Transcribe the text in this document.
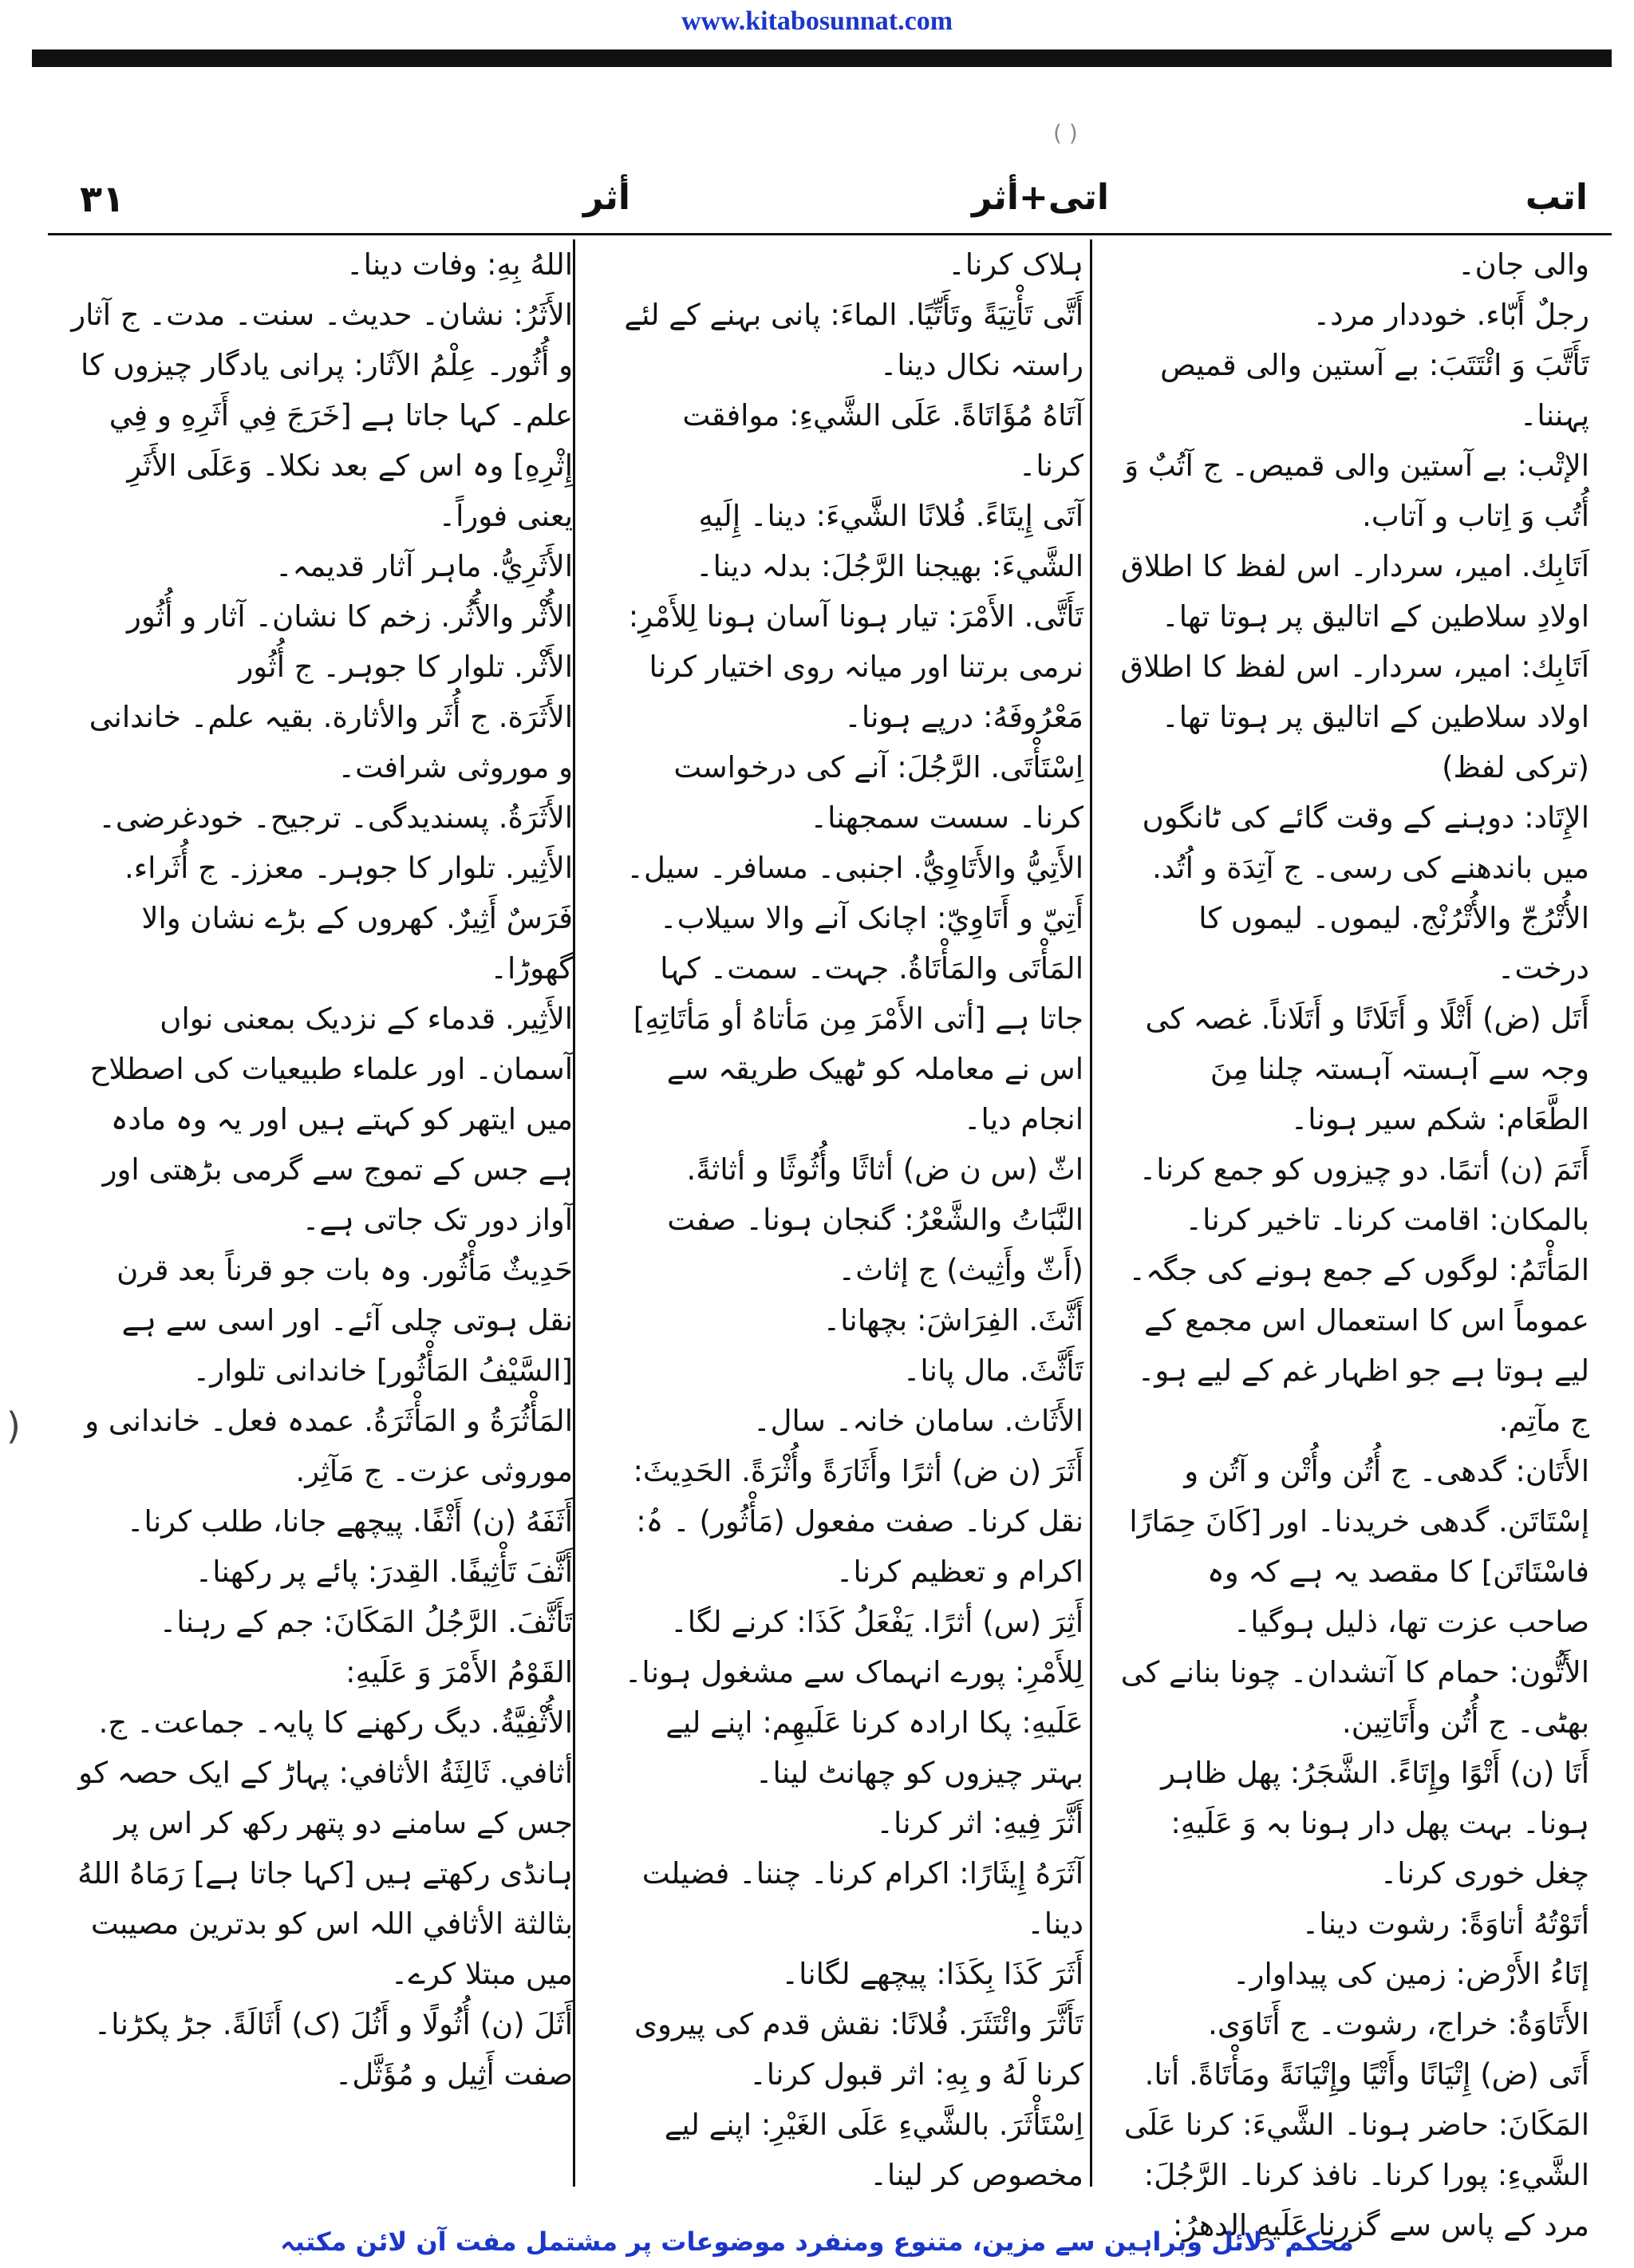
www.kitabosunnat.com
( )
اتب
اتی+أثر
أثر
۳۱

والی جان۔

رجلٌ أَبّاء. خوددار مرد۔

تَأَتَّبَ وَ ائْتَتَبَ: بے آستین والی قمیص پہننا۔

الإتْب: بے آستین والی قمیص۔ ج آتُبٌ وَ أُتُب وَ اِتاب و آتاب.

اَتَابِك. امیر، سردار۔ اس لفظ کا اطلاق اولادِ سلاطین کے اتالیق پر ہوتا تھا۔

اَتَابِك: امیر، سردار۔ اس لفظ کا اطلاق اولاد سلاطین کے اتالیق پر ہوتا تھا۔ (ترکی لفظ)

الإِتَاد: دوہنے کے وقت گائے کی ٹانگوں میں باندھنے کی رسی۔ ج آتِدَة و اُتُد.

الأُتْرُجّ والأُتْرُنْج. لیموں۔ لیموں کا درخت۔

أَتَل (ض) أَتْلًا و أَتَلَانًا و أَتَلَاناً. غصہ کی وجہ سے آہستہ آہستہ چلنا مِنَ الطَّعَام: شکم سیر ہونا۔

أَتَمَ (ن) أتمًا. دو چیزوں کو جمع کرنا۔ بالمكان: اقامت کرنا۔ تاخیر کرنا۔

المَأْتَمُ: لوگوں کے جمع ہونے کی جگہ۔ عموماً اس کا استعمال اس مجمع کے لیے ہوتا ہے جو اظہار غم کے لیے ہو۔ ج مآتِم.

الأَتَان: گدھی۔ ج أُتُن وأُتْن و آتُن و إسْتَاتَن. گدھی خریدنا۔ اور [كَانَ حِمَارًا فاسْتَاتَن] کا مقصد یہ ہے کہ وہ صاحب عزت تھا، ذلیل ہوگیا۔

الأَتُّون: حمام کا آتشدان۔ چونا بنانے کی بھٹی۔ ج أُتُن وأَتَاتِين.

أَتَا (ن) أَتْوًا وإِتَاءً. الشَّجَرُ: پھل ظاہر ہونا۔ بہت پھل دار ہونا بہ وَ عَلَيهِ: چغل خوری کرنا۔

أتَوْتُهُ أتاوَةً: رشوت دینا۔

إتَاءُ الأَرْض: زمین کی پیداوار۔

الأَتَاوَةُ: خراج، رشوت۔ ج أَتَاوَى.

أَتَى (ض) إِتْيَانًا وأَتْيًا وإِتْيَانَةً ومَأْتَاةً. أتا. المَكَانَ: حاضر ہونا۔ الشَّيءَ: کرنا عَلَى الشَّيءِ: پورا کرنا۔ نافذ کرنا۔ الرَّجُلَ: مرد کے پاس سے گزرنا عَلَيهِ الدهرُ:

ہلاک کرنا۔

أَتَّى تَأْتِيَةً وتَأَتِّيًا. الماءَ: پانی بہنے کے لئے راستہ نکال دینا۔

آتَاهُ مُؤَاتَاةً. عَلَى الشَّيءِ: موافقت کرنا۔

آتَى إِيتَاءً. فُلانًا الشَّيءَ: دینا۔ إِلَيهِ الشَّيءَ: بھیجنا الرَّجُلَ: بدلہ دینا۔

تَأَتَّى. الأَمْرَ: تیار ہونا آسان ہونا لِلأَمْرِ: نرمی برتنا اور میانہ روی اختیار کرنا

مَعْرُوفَهُ: درپے ہونا۔

اِسْتَأْتَى. الرَّجُلَ: آنے کی درخواست کرنا۔ سست سمجھنا۔

الأَتِيُّ والأَتَاوِيُّ. اجنبی۔ مسافر۔ سیل۔

أَتِيّ و أَتَاوِيّ: اچانک آنے والا سیلاب۔

المَأْتَى والمَأْتَاةُ. جہت۔ سمت۔ کہا جاتا ہے [أتى الأَمْرَ مِن مَأتاهُ أو مَأتَاتِهِ] اس نے معاملہ کو ٹھیک طریقہ سے انجام دیا۔

اثّ (س ن ض) أثاثًا وأُثُوثًا و أثاثةً.

النَّبَاتُ والشَّعْرُ: گنجان ہونا۔ صفت (أَثّ وأَثِيث) ج إثاث۔

أَثَّثَ. الفِرَاشَ: بچھانا۔

تَأَثَّثَ. مال پانا۔

الأَثَاث. سامان خانہ۔ سال۔

أَثَرَ (ن ض) أثرًا وأَثَارَةً وأُثْرَةً. الحَدِيثَ: نقل کرنا۔ صفت مفعول (مَأْثُور) ۔ ہُ: اکرام و تعظیم کرنا۔

أَثِرَ (س) أثرًا. يَفْعَلُ كَذَا: کرنے لگا۔ لِلأَمْرِ: پورے انہماک سے مشغول ہونا۔ عَلَيهِ: پکا ارادہ کرنا عَلَيهِم: اپنے لیے بہتر چیزوں کو چھانٹ لینا۔

أَثَّرَ فِيهِ: اثر کرنا۔

آثَرَهُ إِيثَارًا: اکرام کرنا۔ چننا۔ فضیلت دینا۔

أَثَرَ كَذَا بِكَذَا: پیچھے لگانا۔

تَأَثَّرَ وائْتَثَرَ. فُلانًا: نقش قدم کی پیروی کرنا لَهُ و بِهِ: اثر قبول کرنا۔

اِسْتَأْثَرَ. بالشَّيءِ عَلَى الغَيْرِ: اپنے لیے مخصوص کر لینا۔

اللهُ بِهِ: وفات دینا۔

الأَثَرُ: نشان۔ حدیث۔ سنت۔ مدت۔ ج آثار و أُثُور۔ عِلْمُ الآثَار: پرانی یادگار چیزوں کا علم۔ کہا جاتا ہے [خَرَجَ فِي أَثَرِهِ و فِي إِثْرِهِ] وہ اس کے بعد نکلا۔ وَعَلَى الأَثَرِ یعنی فوراً۔

الأَثَرِيُّ. ماہر آثار قدیمہ۔

الأُثْر والأُثُر. زخم کا نشان۔ آثار و أُثُور

الأَثْر. تلوار کا جوہر۔ ج أُثُور

الأَثَرَة. ج أُثَر والأثارة. بقیہ علم۔ خاندانی و موروثی شرافت۔

الأَثَرَةُ. پسندیدگی۔ ترجیح۔ خودغرضی۔

الأَثِير. تلوار کا جوہر۔ معزز۔ ج أُثَراء.

فَرَسٌ أَثِيرٌ. کھروں کے بڑے نشان والا گھوڑا۔

الأَثِير. قدماء کے نزدیک بمعنی نواں آسمان۔ اور علماء طبیعیات کی اصطلاح میں ایتھر کو کہتے ہیں اور یہ وہ مادہ ہے جس کے تموج سے گرمی بڑھتی اور آواز دور تک جاتی ہے۔

حَدِيثٌ مَأْثُور. وہ بات جو قرناً بعد قرن نقل ہوتی چلی آئے۔ اور اسی سے ہے [السَّيْفُ المَأْثُور] خاندانی تلوار۔

المَأْثُرَةُ و المَأْثَرَةُ. عمدہ فعل۔ خاندانی و موروثی عزت۔ ج مَآثِر.

أَثَفَهُ (ن) أَثْفًا. پیچھے جانا، طلب کرنا۔

أَثَّفَ تَأْثِيفًا. القِدرَ: پائے پر رکھنا۔

تَأَثَّفَ. الرَّجُلُ المَكَانَ: جم کے رہنا۔

القَوْمُ الأَمْرَ وَ عَلَيهِ:

الأُثْفِيَّةُ. دیگ رکھنے کا پایہ۔ جماعت۔ ج. أثافي. ثَالِثَةُ الأثافي: پہاڑ کے ایک حصہ کو جس کے سامنے دو پتھر رکھ کر اس پر ہانڈی رکھتے ہیں [کہا جاتا ہے] رَمَاهُ اللهُ بثالثة الأثافي اللہ اس کو بدترین مصیبت میں مبتلا کرے۔

أَثَلَ (ن) أُثُولًا و أَثُلَ (ک) أَثَالَةً. جڑ پکڑنا۔ صفت أَثِيل و مُؤَثَّل۔

)
محکم دلائل وبراہین سے مزین، متنوع ومنفرد موضوعات پر مشتمل مفت آن لائن مکتبہ
